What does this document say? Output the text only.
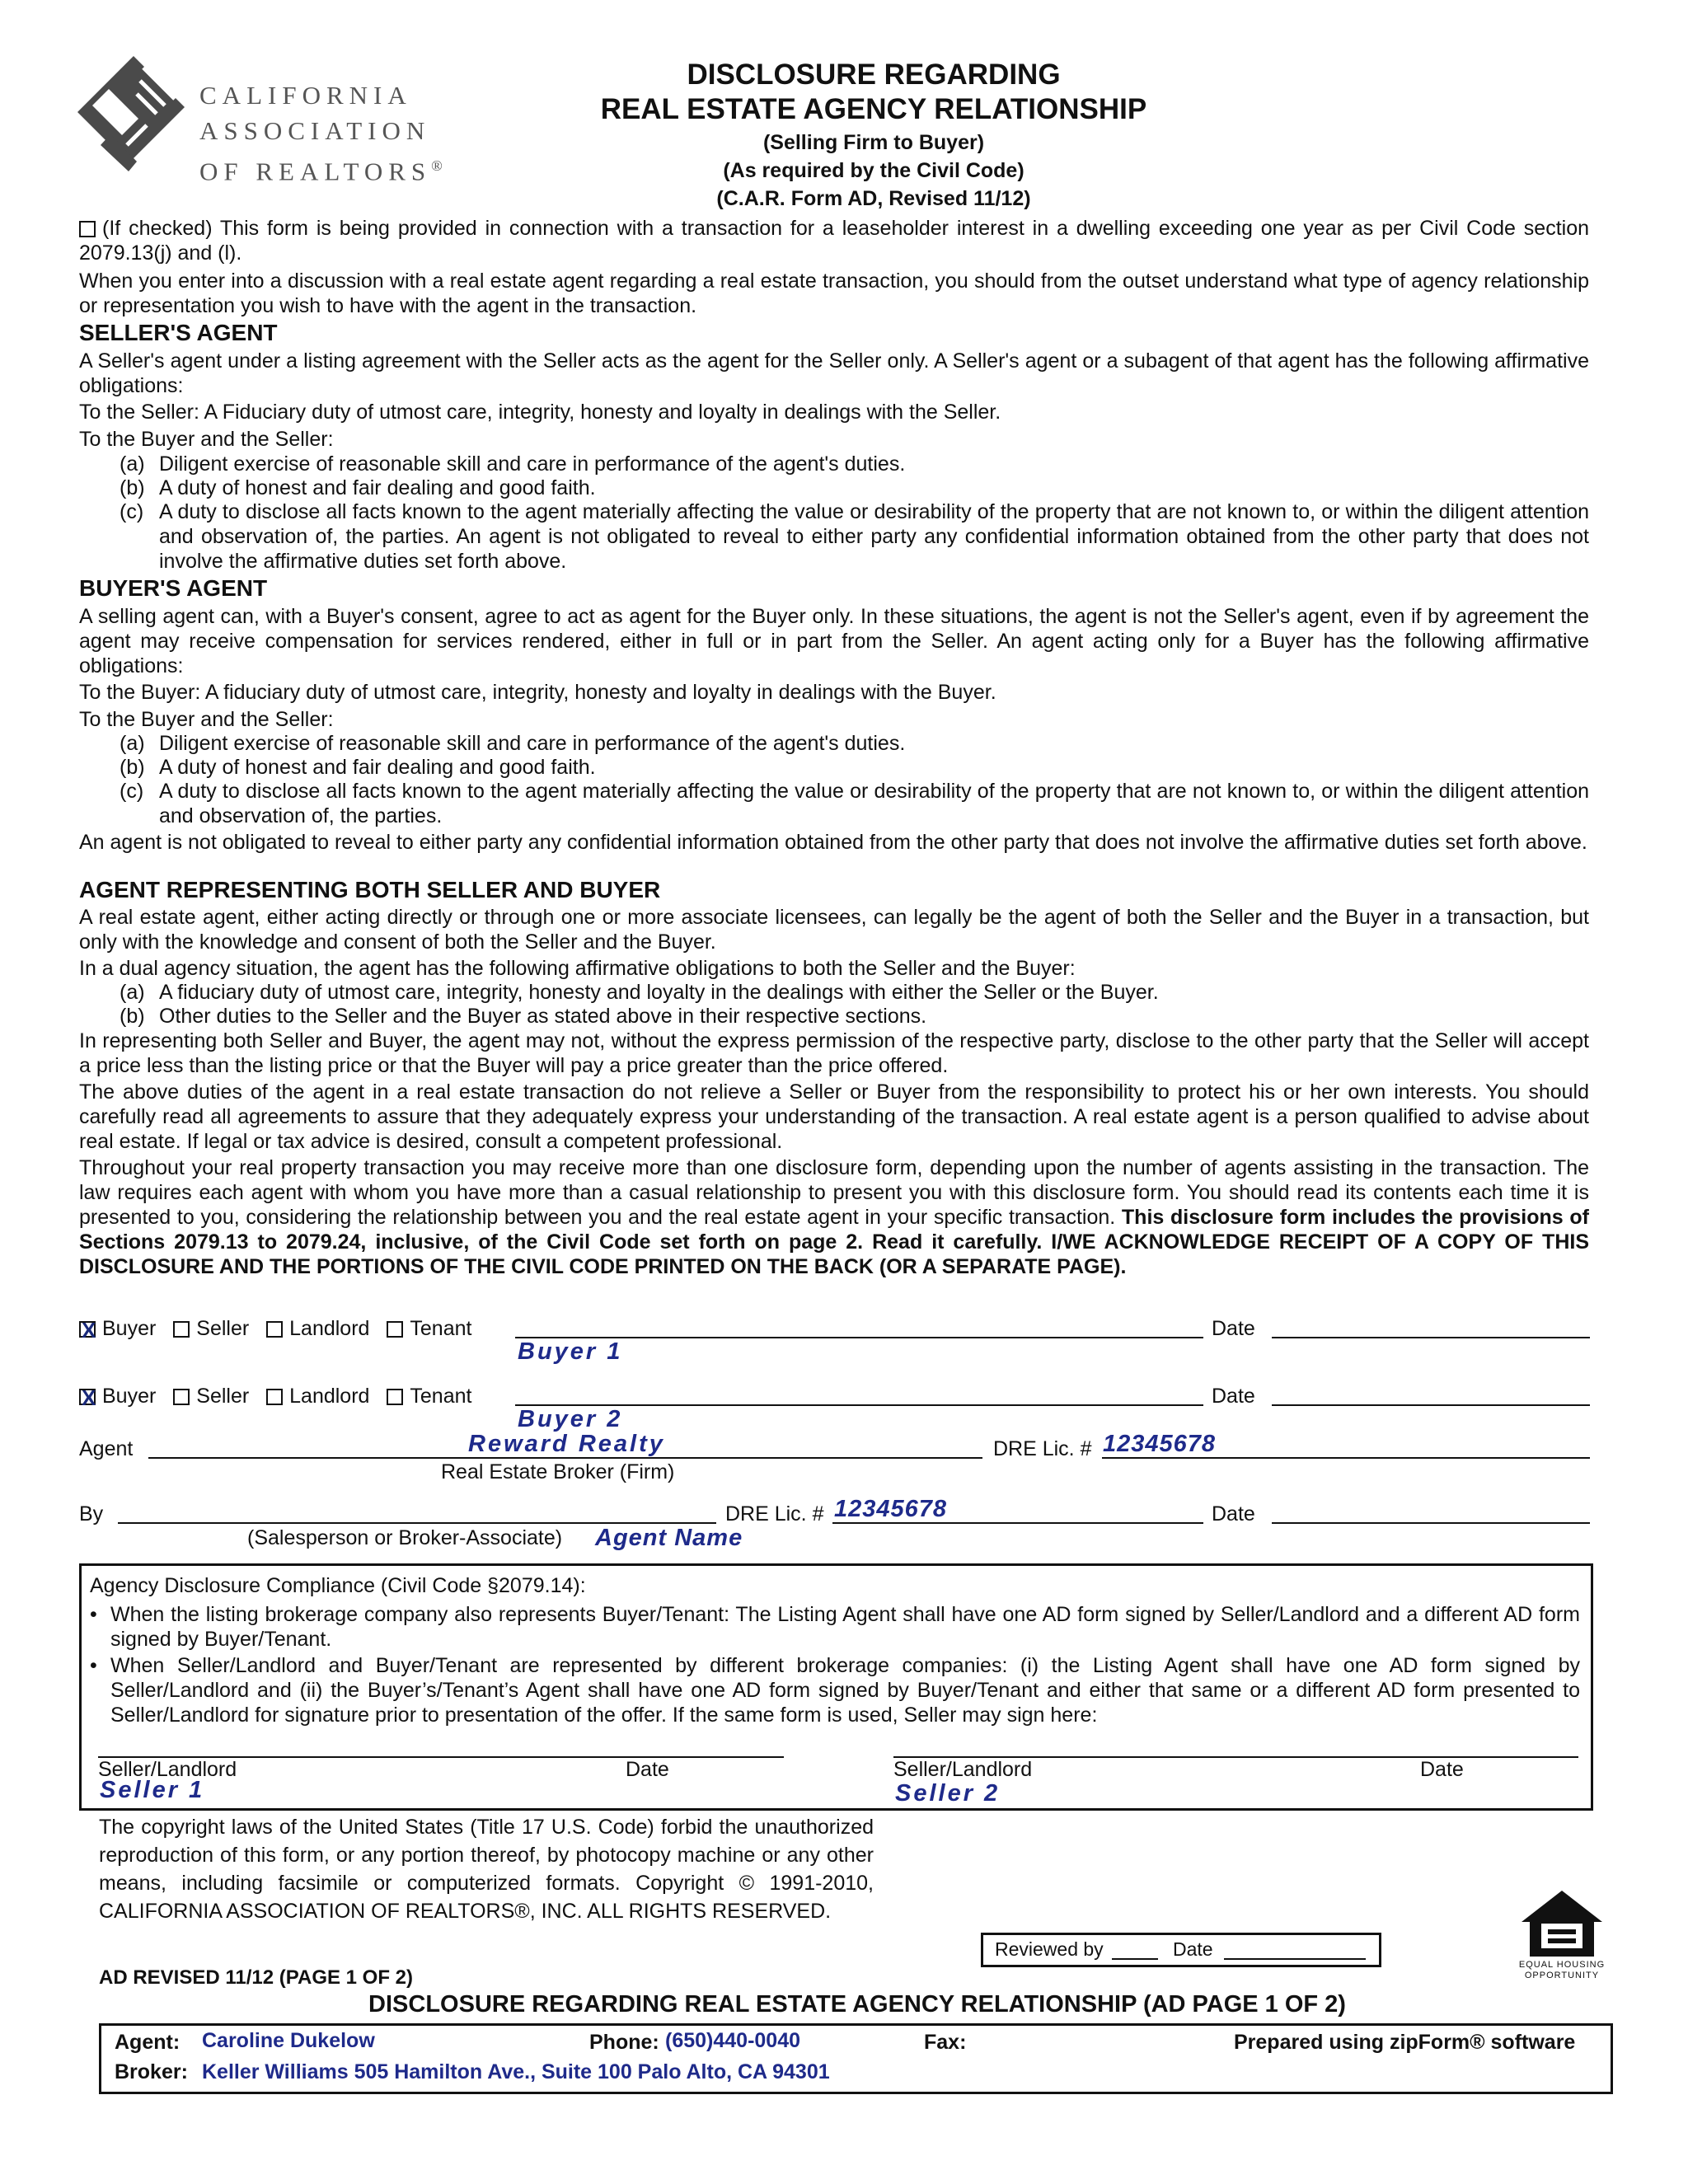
CALIFORNIA
ASSOCIATION
OF REALTORS®
DISCLOSURE REGARDING
REAL ESTATE AGENCY RELATIONSHIP
(Selling Firm to Buyer)
(As required by the Civil Code)
(C.A.R. Form AD, Revised 11/12)
(If checked) This form is being provided in connection with a transaction for a leaseholder interest in a dwelling exceeding one year as per Civil Code section 2079.13(j) and (l).
When you enter into a discussion with a real estate agent regarding a real estate transaction, you should from the outset understand what type of agency relationship or representation you wish to have with the agent in the transaction.
SELLER'S AGENT
A Seller's agent under a listing agreement with the Seller acts as the agent for the Seller only. A Seller's agent or a subagent of that agent has the following affirmative obligations:
To the Seller: A Fiduciary duty of utmost care, integrity, honesty and loyalty in dealings with the Seller.
To the Buyer and the Seller:
(a) Diligent exercise of reasonable skill and care in performance of the agent's duties.
(b) A duty of honest and fair dealing and good faith.
(c) A duty to disclose all facts known to the agent materially affecting the value or desirability of the property that are not known to, or within the diligent attention and observation of, the parties. An agent is not obligated to reveal to either party any confidential information obtained from the other party that does not involve the affirmative duties set forth above.
BUYER'S AGENT
A selling agent can, with a Buyer's consent, agree to act as agent for the Buyer only. In these situations, the agent is not the Seller's agent, even if by agreement the agent may receive compensation for services rendered, either in full or in part from the Seller. An agent acting only for a Buyer has the following affirmative obligations:
To the Buyer: A fiduciary duty of utmost care, integrity, honesty and loyalty in dealings with the Buyer.
To the Buyer and the Seller:
(a) Diligent exercise of reasonable skill and care in performance of the agent's duties.
(b) A duty of honest and fair dealing and good faith.
(c) A duty to disclose all facts known to the agent materially affecting the value or desirability of the property that are not known to, or within the diligent attention and observation of, the parties.
An agent is not obligated to reveal to either party any confidential information obtained from the other party that does not involve the affirmative duties set forth above.
AGENT REPRESENTING BOTH SELLER AND BUYER
A real estate agent, either acting directly or through one or more associate licensees, can legally be the agent of both the Seller and the Buyer in a transaction, but only with the knowledge and consent of both the Seller and the Buyer.
In a dual agency situation, the agent has the following affirmative obligations to both the Seller and the Buyer:
(a) A fiduciary duty of utmost care, integrity, honesty and loyalty in the dealings with either the Seller or the Buyer.
(b) Other duties to the Seller and the Buyer as stated above in their respective sections.
In representing both Seller and Buyer, the agent may not, without the express permission of the respective party, disclose to the other party that the Seller will accept a price less than the listing price or that the Buyer will pay a price greater than the price offered.
The above duties of the agent in a real estate transaction do not relieve a Seller or Buyer from the responsibility to protect his or her own interests. You should carefully read all agreements to assure that they adequately express your understanding of the transaction. A real estate agent is a person qualified to advise about real estate. If legal or tax advice is desired, consult a competent professional.
Throughout your real property transaction you may receive more than one disclosure form, depending upon the number of agents assisting in the transaction. The law requires each agent with whom you have more than a casual relationship to present you with this disclosure form. You should read its contents each time it is presented to you, considering the relationship between you and the real estate agent in your specific transaction. This disclosure form includes the provisions of Sections 2079.13 to 2079.24, inclusive, of the Civil Code set forth on page 2. Read it carefully. I/WE ACKNOWLEDGE RECEIPT OF A COPY OF THIS DISCLOSURE AND THE PORTIONS OF THE CIVIL CODE PRINTED ON THE BACK (OR A SEPARATE PAGE).
XBuyer Seller Landlord Tenant	Date
Buyer 1
XBuyer Seller Landlord Tenant	Date
Buyer 2
Agent	Reward Realty
Real Estate Broker (Firm)
DRE Lic. # 12345678
By	DRE Lic. # 12345678	Date
(Salesperson or Broker-Associate) Agent Name
Agency Disclosure Compliance (Civil Code §2079.14):
• When the listing brokerage company also represents Buyer/Tenant: The Listing Agent shall have one AD form signed by Seller/Landlord and a different AD form signed by Buyer/Tenant.
• When Seller/Landlord and Buyer/Tenant are represented by different brokerage companies: (i) the Listing Agent shall have one AD form signed by Seller/Landlord and (ii) the Buyer’s/Tenant’s Agent shall have one AD form signed by Buyer/Tenant and either that same or a different AD form presented to Seller/Landlord for signature prior to presentation of the offer. If the same form is used, Seller may sign here:
Seller/Landlord	Date
Seller 1
Seller/Landlord	Date
Seller 2
The copyright laws of the United States (Title 17 U.S. Code) forbid the unauthorized reproduction of this form, or any portion thereof, by photocopy machine or any other means, including facsimile or computerized formats. Copyright © 1991-2010, CALIFORNIA ASSOCIATION OF REALTORS®, INC. ALL RIGHTS RESERVED.
Reviewed by	Date
EQUAL HOUSING
OPPORTUNITY
AD REVISED 11/12 (PAGE 1 OF 2)
DISCLOSURE REGARDING REAL ESTATE AGENCY RELATIONSHIP (AD PAGE 1 OF 2)
Agent: Caroline Dukelow	Phone: (650)440-0040	Fax:	Prepared using zipForm® software
Broker: Keller Williams 505 Hamilton Ave., Suite 100 Palo Alto, CA 94301
